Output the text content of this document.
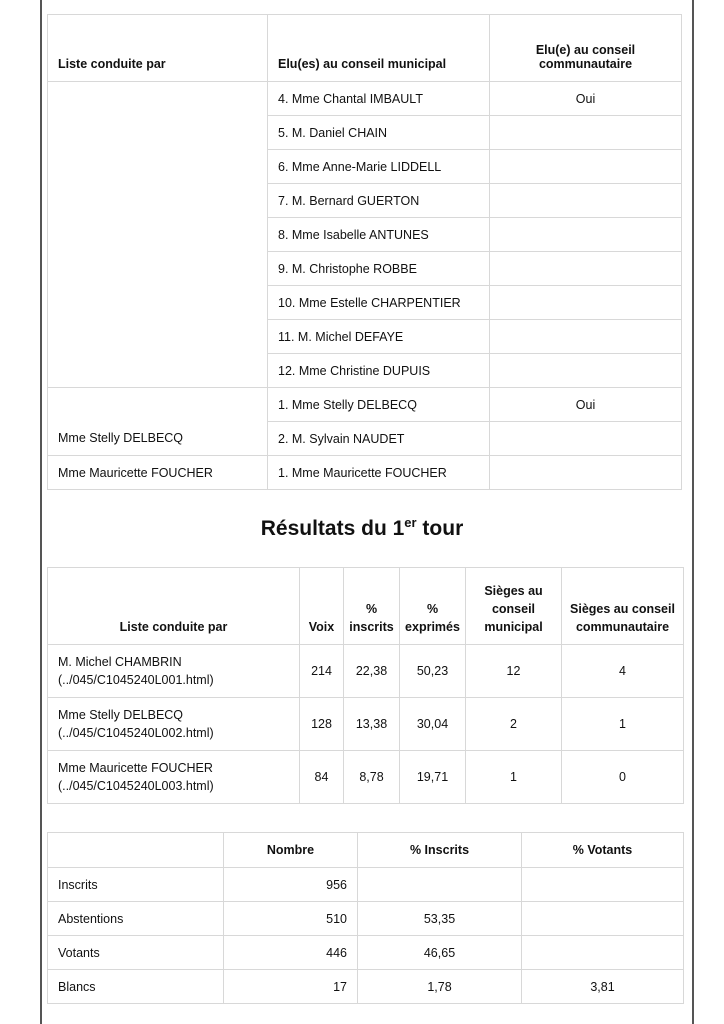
Liste conduite par	Elu(es) au conseil municipal	Elu(e) au conseil communautaire
	4. Mme Chantal IMBAULT	Oui
	5. M. Daniel CHAIN	
	6. Mme Anne-Marie LIDDELL	
	7. M. Bernard GUERTON	
	8. Mme Isabelle ANTUNES	
	9. M. Christophe ROBBE	
	10. Mme Estelle CHARPENTIER	
	11. M. Michel DEFAYE	
	12. Mme Christine DUPUIS	
Mme Stelly DELBECQ	1. Mme Stelly DELBECQ	Oui
	2. M. Sylvain NAUDET	
Mme Mauricette FOUCHER	1. Mme Mauricette FOUCHER	
Résultats du 1er tour
Liste conduite par	Voix	% inscrits	% exprimés	Sièges au conseil municipal	Sièges au conseil communautaire

M. Michel CHAMBRIN
(../045/C1045240L001.html)	214	22,38	50,23	12	4

Mme Stelly DELBECQ
(../045/C1045240L002.html)	128	13,38	30,04	2	1

Mme Mauricette FOUCHER
(../045/C1045240L003.html)	84	8,78	19,71	1	0
	Nombre	% Inscrits	% Votants
Inscrits	956		
Abstentions	510	53,35	
Votants	446	46,65	
Blancs	17	1,78	3,81
